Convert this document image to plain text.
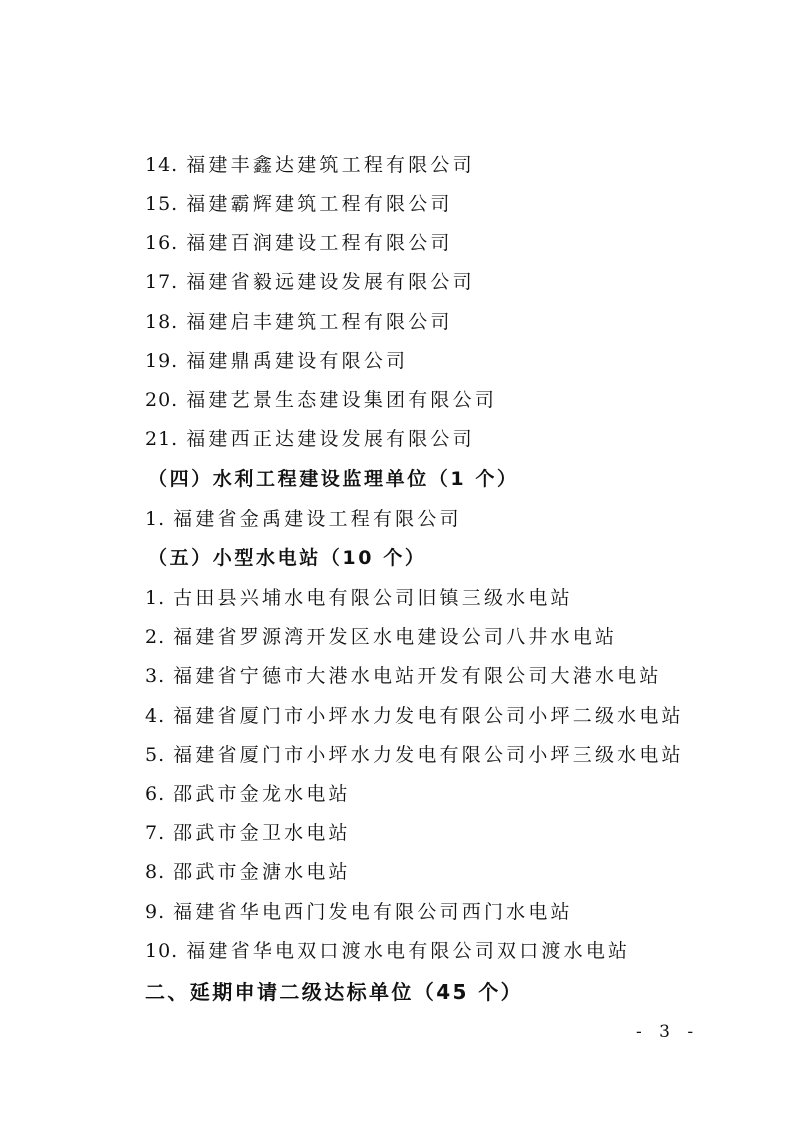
14. 福建丰鑫达建筑工程有限公司
15. 福建霸辉建筑工程有限公司
16. 福建百润建设工程有限公司
17. 福建省毅远建设发展有限公司
18. 福建启丰建筑工程有限公司
19. 福建鼎禹建设有限公司
20. 福建艺景生态建设集团有限公司
21. 福建西正达建设发展有限公司
（四）水利工程建设监理单位（1 个）
1. 福建省金禹建设工程有限公司
（五）小型水电站（10 个）
1. 古田县兴埔水电有限公司旧镇三级水电站
2. 福建省罗源湾开发区水电建设公司八井水电站
3. 福建省宁德市大港水电站开发有限公司大港水电站
4. 福建省厦门市小坪水力发电有限公司小坪二级水电站
5. 福建省厦门市小坪水力发电有限公司小坪三级水电站
6. 邵武市金龙水电站
7. 邵武市金卫水电站
8. 邵武市金溏水电站
9. 福建省华电西门发电有限公司西门水电站
10. 福建省华电双口渡水电有限公司双口渡水电站
二、延期申请二级达标单位（45 个）
- 3 -
